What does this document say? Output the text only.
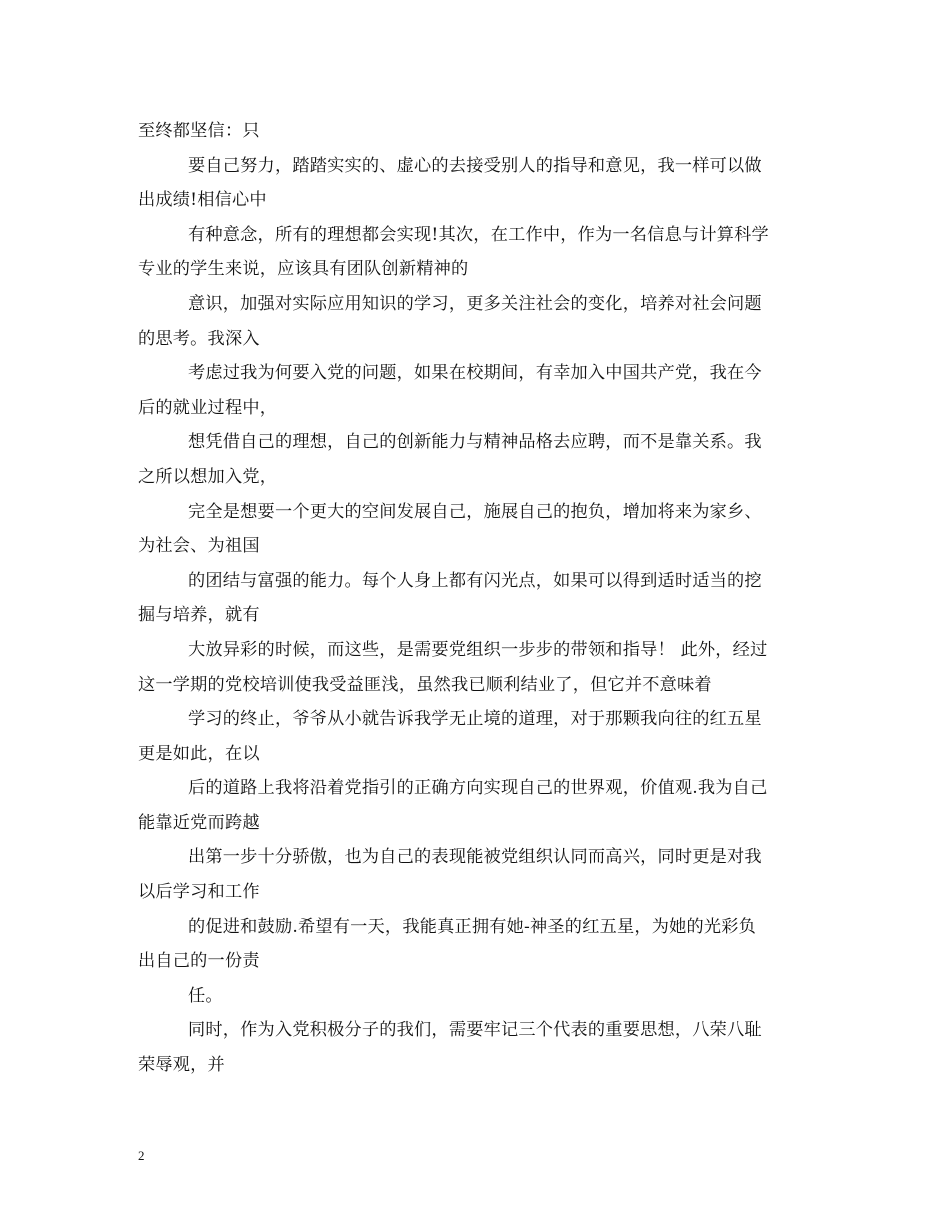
至终都坚信：只
要自己努力，踏踏实实的、虚心的去接受别人的指导和意见，我一样可以做
出成绩!相信心中
有种意念，所有的理想都会实现!其次，在工作中，作为一名信息与计算科学
专业的学生来说，应该具有团队创新精神的
意识，加强对实际应用知识的学习，更多关注社会的变化，培养对社会问题
的思考。我深入
考虑过我为何要入党的问题，如果在校期间，有幸加入中国共产党，我在今
后的就业过程中，
想凭借自己的理想，自己的创新能力与精神品格去应聘，而不是靠关系。我
之所以想加入党，
完全是想要一个更大的空间发展自己，施展自己的抱负，增加将来为家乡、
为社会、为祖国
的团结与富强的能力。每个人身上都有闪光点，如果可以得到适时适当的挖
掘与培养，就有
大放异彩的时候，而这些，是需要党组织一步步的带领和指导！ 此外，经过
这一学期的党校培训使我受益匪浅，虽然我已顺利结业了，但它并不意味着
学习的终止，爷爷从小就告诉我学无止境的道理，对于那颗我向往的红五星
更是如此，在以
后的道路上我将沿着党指引的正确方向实现自己的世界观，价值观.我为自己
能靠近党而跨越
出第一步十分骄傲，也为自己的表现能被党组织认同而高兴，同时更是对我
以后学习和工作
的促进和鼓励.希望有一天，我能真正拥有她-神圣的红五星，为她的光彩负
出自己的一份责
任。
同时，作为入党积极分子的我们，需要牢记三个代表的重要思想，八荣八耻
荣辱观，并
2
